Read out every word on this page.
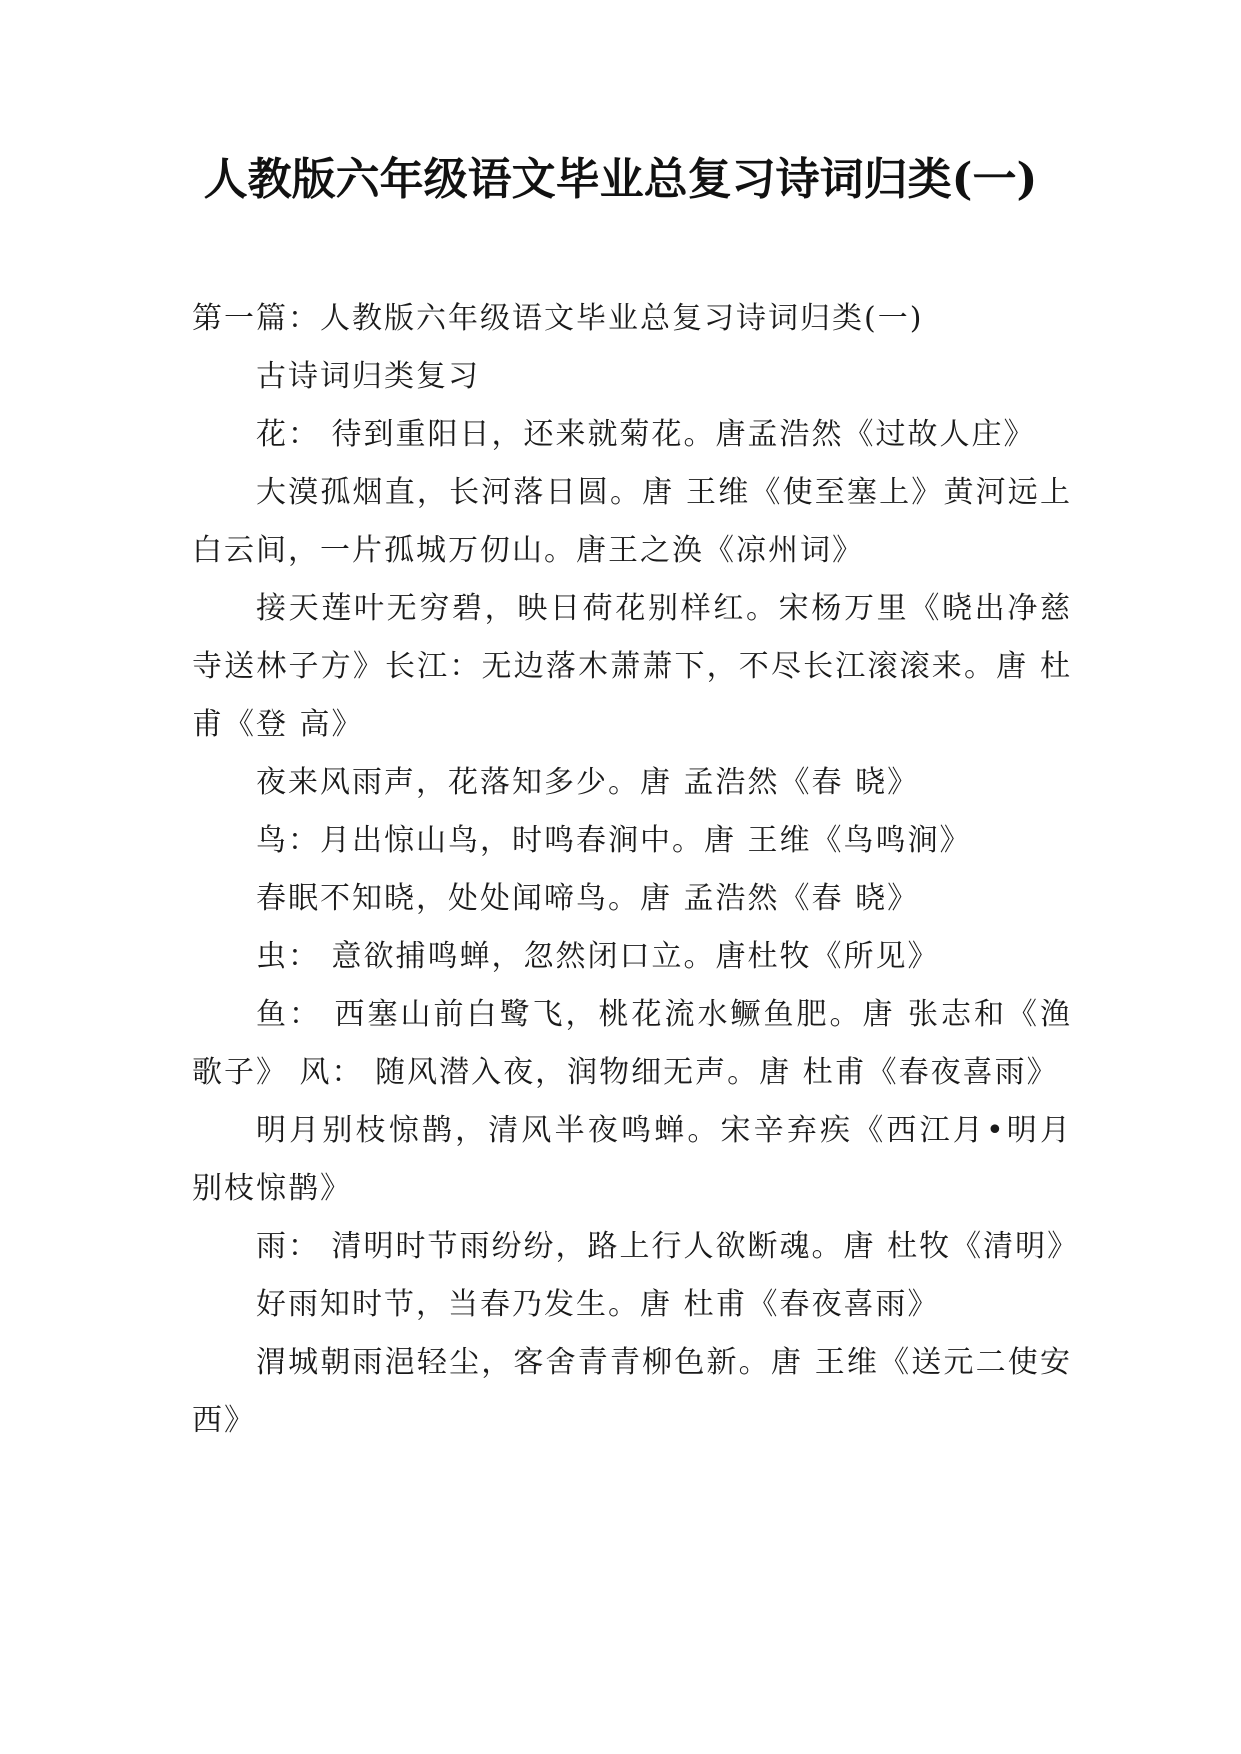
人教版六年级语文毕业总复习诗词归类(一)

第一篇：人教版六年级语文毕业总复习诗词归类(一)

古诗词归类复习

花： 待到重阳日，还来就菊花。唐孟浩然《过故人庄》

大漠孤烟直，长河落日圆。唐 王维《使至塞上》黄河远上白云间，一片孤城万仞山。唐王之涣《凉州词》

接天莲叶无穷碧，映日荷花别样红。宋杨万里《晓出净慈寺送林子方》长江：无边落木萧萧下，不尽长江滚滚来。唐 杜甫《登 高》

夜来风雨声，花落知多少。唐 孟浩然《春 晓》

鸟：月出惊山鸟，时鸣春涧中。唐 王维《鸟鸣涧》

春眠不知晓，处处闻啼鸟。唐 孟浩然《春 晓》

虫： 意欲捕鸣蝉，忽然闭口立。唐杜牧《所见》

鱼： 西塞山前白鹭飞，桃花流水鳜鱼肥。唐 张志和《渔歌子》 风： 随风潜入夜，润物细无声。唐 杜甫《春夜喜雨》

明月别枝惊鹊，清风半夜鸣蝉。宋辛弃疾《西江月•明月别枝惊鹊》

雨： 清明时节雨纷纷，路上行人欲断魂。唐 杜牧《清明》

好雨知时节，当春乃发生。唐 杜甫《春夜喜雨》

渭城朝雨浥轻尘，客舍青青柳色新。唐 王维《送元二使安西》
